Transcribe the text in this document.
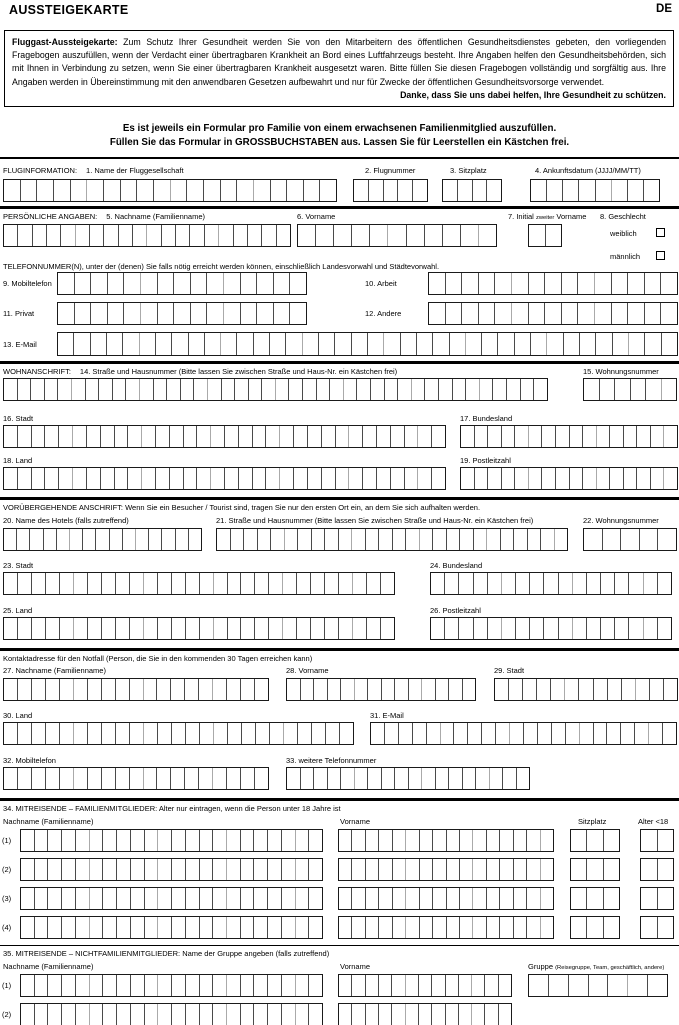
AUSSTEIGEKARTE	DE
Fluggast-Aussteigekarte: Zum Schutz Ihrer Gesundheit werden Sie von den Mitarbeitern des öffentlichen Gesundheitsdienstes gebeten, den vorliegenden Fragebogen auszufüllen, wenn der Verdacht einer übertragbaren Krankheit an Bord eines Luftfahrzeugs besteht. Ihre Angaben helfen den Gesundheitsbehörden, sich mit Ihnen in Verbindung zu setzen, wenn Sie einer übertragbaren Krankheit ausgesetzt waren. Bitte füllen Sie diesen Fragebogen vollständig und sorgfältig aus. Ihre Angaben werden in Übereinstimmung mit den anwendbaren Gesetzen aufbewahrt und nur für Zwecke der öffentlichen Gesundheitsvorsorge verwendet.
Danke, dass Sie uns dabei helfen, Ihre Gesundheit zu schützen.
Es ist jeweils ein Formular pro Familie von einem erwachsenen Familienmitglied auszufüllen.
Füllen Sie das Formular in GROSSBUCHSTABEN aus. Lassen Sie für Leerstellen ein Kästchen frei.
FLUGINFORMATION: 1. Name der Fluggesellschaft	2. Flugnummer	3. Sitzplatz	4. Ankunftsdatum (JJJJ/MM/TT)
PERSÖNLICHE ANGABEN: 5. Nachname (Familienname)	6. Vorname	7. Initial zweiter Vorname 8. Geschlecht
weiblich
männlich
TELEFONNUMMER(N), unter der (denen) Sie falls nötig erreicht werden können, einschließlich Landesvorwahl und Städtevorwahl.
9. Mobiltelefon	10. Arbeit
11. Privat	12. Andere
13. E-Mail
WOHNANSCHRIFT: 14. Straße und Hausnummer (Bitte lassen Sie zwischen Straße und Haus-Nr. ein Kästchen frei)	15. Wohnungsnummer
16. Stadt	17. Bundesland
18. Land	19. Postleitzahl
VORÜBERGEHENDE ANSCHRIFT: Wenn Sie ein Besucher / Tourist sind, tragen Sie nur den ersten Ort ein, an dem Sie sich aufhalten werden.
20. Name des Hotels (falls zutreffend)	21. Straße und Hausnummer (Bitte lassen Sie zwischen Straße und Haus-Nr. ein Kästchen frei)	22. Wohnungsnummer
23. Stadt	24. Bundesland
25. Land	26. Postleitzahl
Kontaktadresse für den Notfall (Person, die Sie in den kommenden 30 Tagen erreichen kann)
27. Nachname (Familienname)	28. Vorname	29. Stadt
30. Land	31. E-Mail
32. Mobiltelefon	33. weitere Telefonnummer
34. MITREISENDE – FAMILIENMITGLIEDER: Alter nur eintragen, wenn die Person unter 18 Jahre ist
Nachname (Familienname)	Vorname	Sitzplatz	Alter <18
(1)
(2)
(3)
(4)
35. MITREISENDE – NICHTFAMILIENMITGLIEDER: Name der Gruppe angeben (falls zutreffend)
Nachname (Familienname)	Vorname	Gruppe (Reisegruppe, Team, geschäftlich, andere)
(1)
(2)
